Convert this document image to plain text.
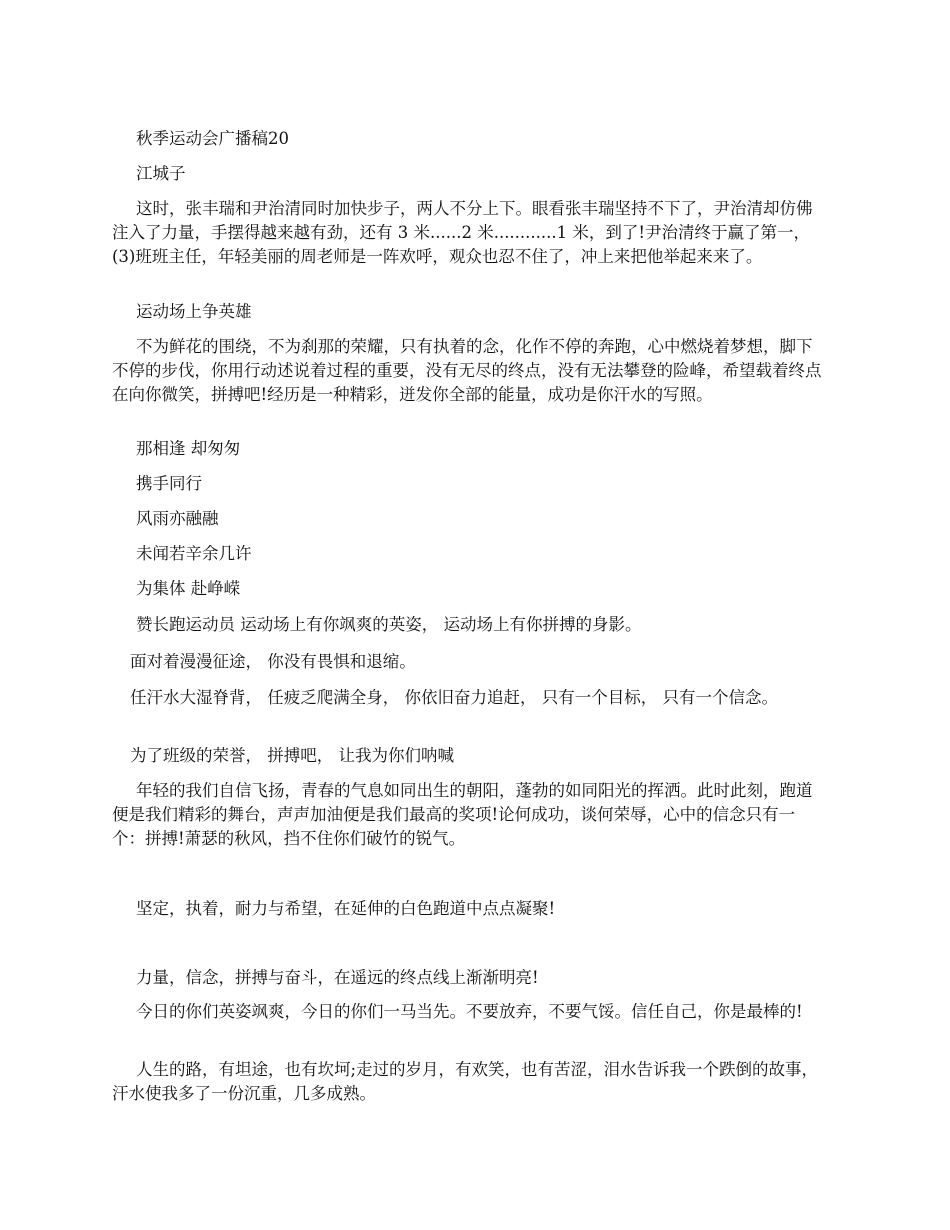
秋季运动会广播稿20

江城子

这时，张丰瑞和尹治清同时加快步子，两人不分上下。眼看张丰瑞坚持不下了，尹治清却仿佛注入了力量，手摆得越来越有劲，还有 3 米......2 米............1 米，到了!尹治清终于赢了第一，(3)班班主任，年轻美丽的周老师是一阵欢呼，观众也忍不住了，冲上来把他举起来来了。

运动场上争英雄

不为鲜花的围绕，不为刹那的荣耀，只有执着的念，化作不停的奔跑，心中燃烧着梦想，脚下不停的步伐，你用行动述说着过程的重要，没有无尽的终点，没有无法攀登的险峰，希望载着终点在向你微笑，拼搏吧!经历是一种精彩，迸发你全部的能量，成功是你汗水的写照。

那相逢 却匆匆

携手同行

风雨亦融融

未闻若辛余几许

为集体 赴峥嵘

赞长跑运动员 运动场上有你飒爽的英姿， 运动场上有你拼搏的身影。

面对着漫漫征途， 你没有畏惧和退缩。

任汗水大湿脊背， 任疲乏爬满全身， 你依旧奋力追赶， 只有一个目标， 只有一个信念。

为了班级的荣誉， 拼搏吧， 让我为你们呐喊

年轻的我们自信飞扬，青春的气息如同出生的朝阳，蓬勃的如同阳光的挥洒。此时此刻，跑道便是我们精彩的舞台，声声加油便是我们最高的奖项!论何成功，谈何荣辱，心中的信念只有一个：拼搏!萧瑟的秋风，挡不住你们破竹的锐气。

坚定，执着，耐力与希望，在延伸的白色跑道中点点凝聚!

力量，信念，拼搏与奋斗，在遥远的终点线上渐渐明亮!

今日的你们英姿飒爽，今日的你们一马当先。不要放弃，不要气馁。信任自己，你是最棒的!

人生的路，有坦途，也有坎坷;走过的岁月，有欢笑，也有苦涩，泪水告诉我一个跌倒的故事，汗水使我多了一份沉重，几多成熟。
